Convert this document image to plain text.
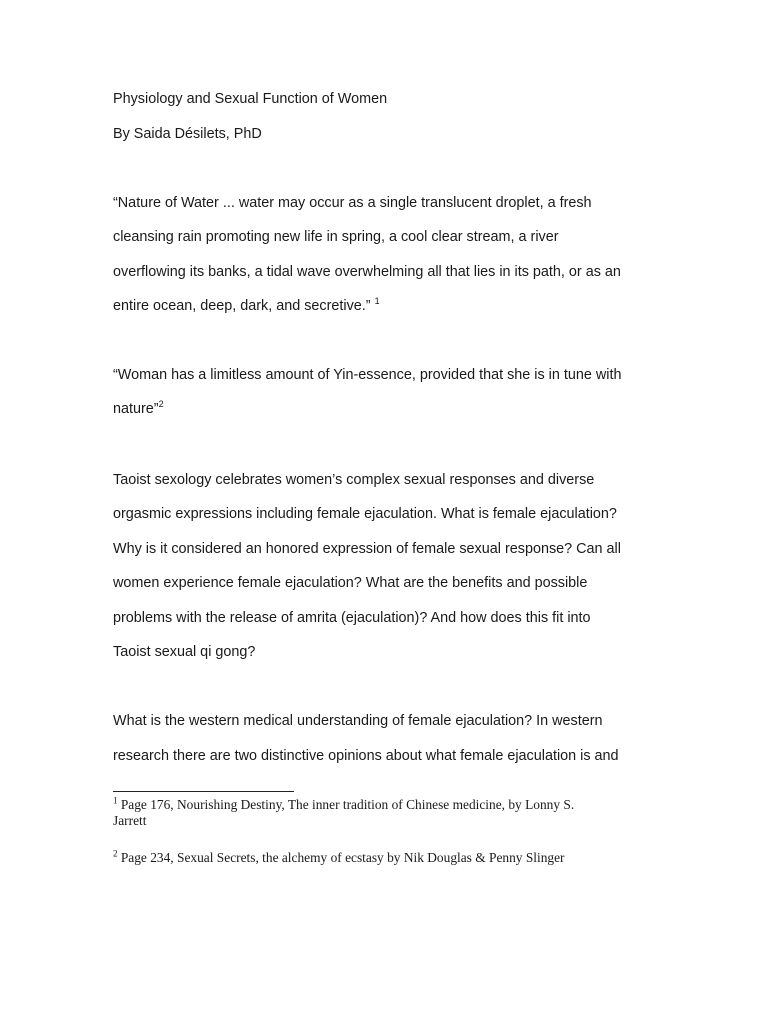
Physiology and Sexual Function of Women

By Saida Désilets, PhD

“Nature of Water ... water may occur as a single translucent droplet, a fresh

cleansing rain promoting new life in spring, a cool clear stream, a river

overflowing its banks, a tidal wave overwhelming all that lies in its path, or as an

entire ocean, deep, dark, and secretive.” $^1$

“Woman has a limitless amount of Yin-essence, provided that she is in tune with

nature”$^2$

Taoist sexology celebrates women’s complex sexual responses and diverse

orgasmic expressions including female ejaculation. What is female ejaculation?

Why is it considered an honored expression of female sexual response? Can all

women experience female ejaculation? What are the benefits and possible

problems with the release of amrita (ejaculation)? And how does this fit into

Taoist sexual qi gong?

What is the western medical understanding of female ejaculation? In western

research there are two distinctive opinions about what female ejaculation is and

$^1$ Page 176, Nourishing Destiny, The inner tradition of Chinese medicine, by Lonny S.

Jarrett

$^2$ Page 234, Sexual Secrets, the alchemy of ecstasy by Nik Douglas & Penny Slinger
